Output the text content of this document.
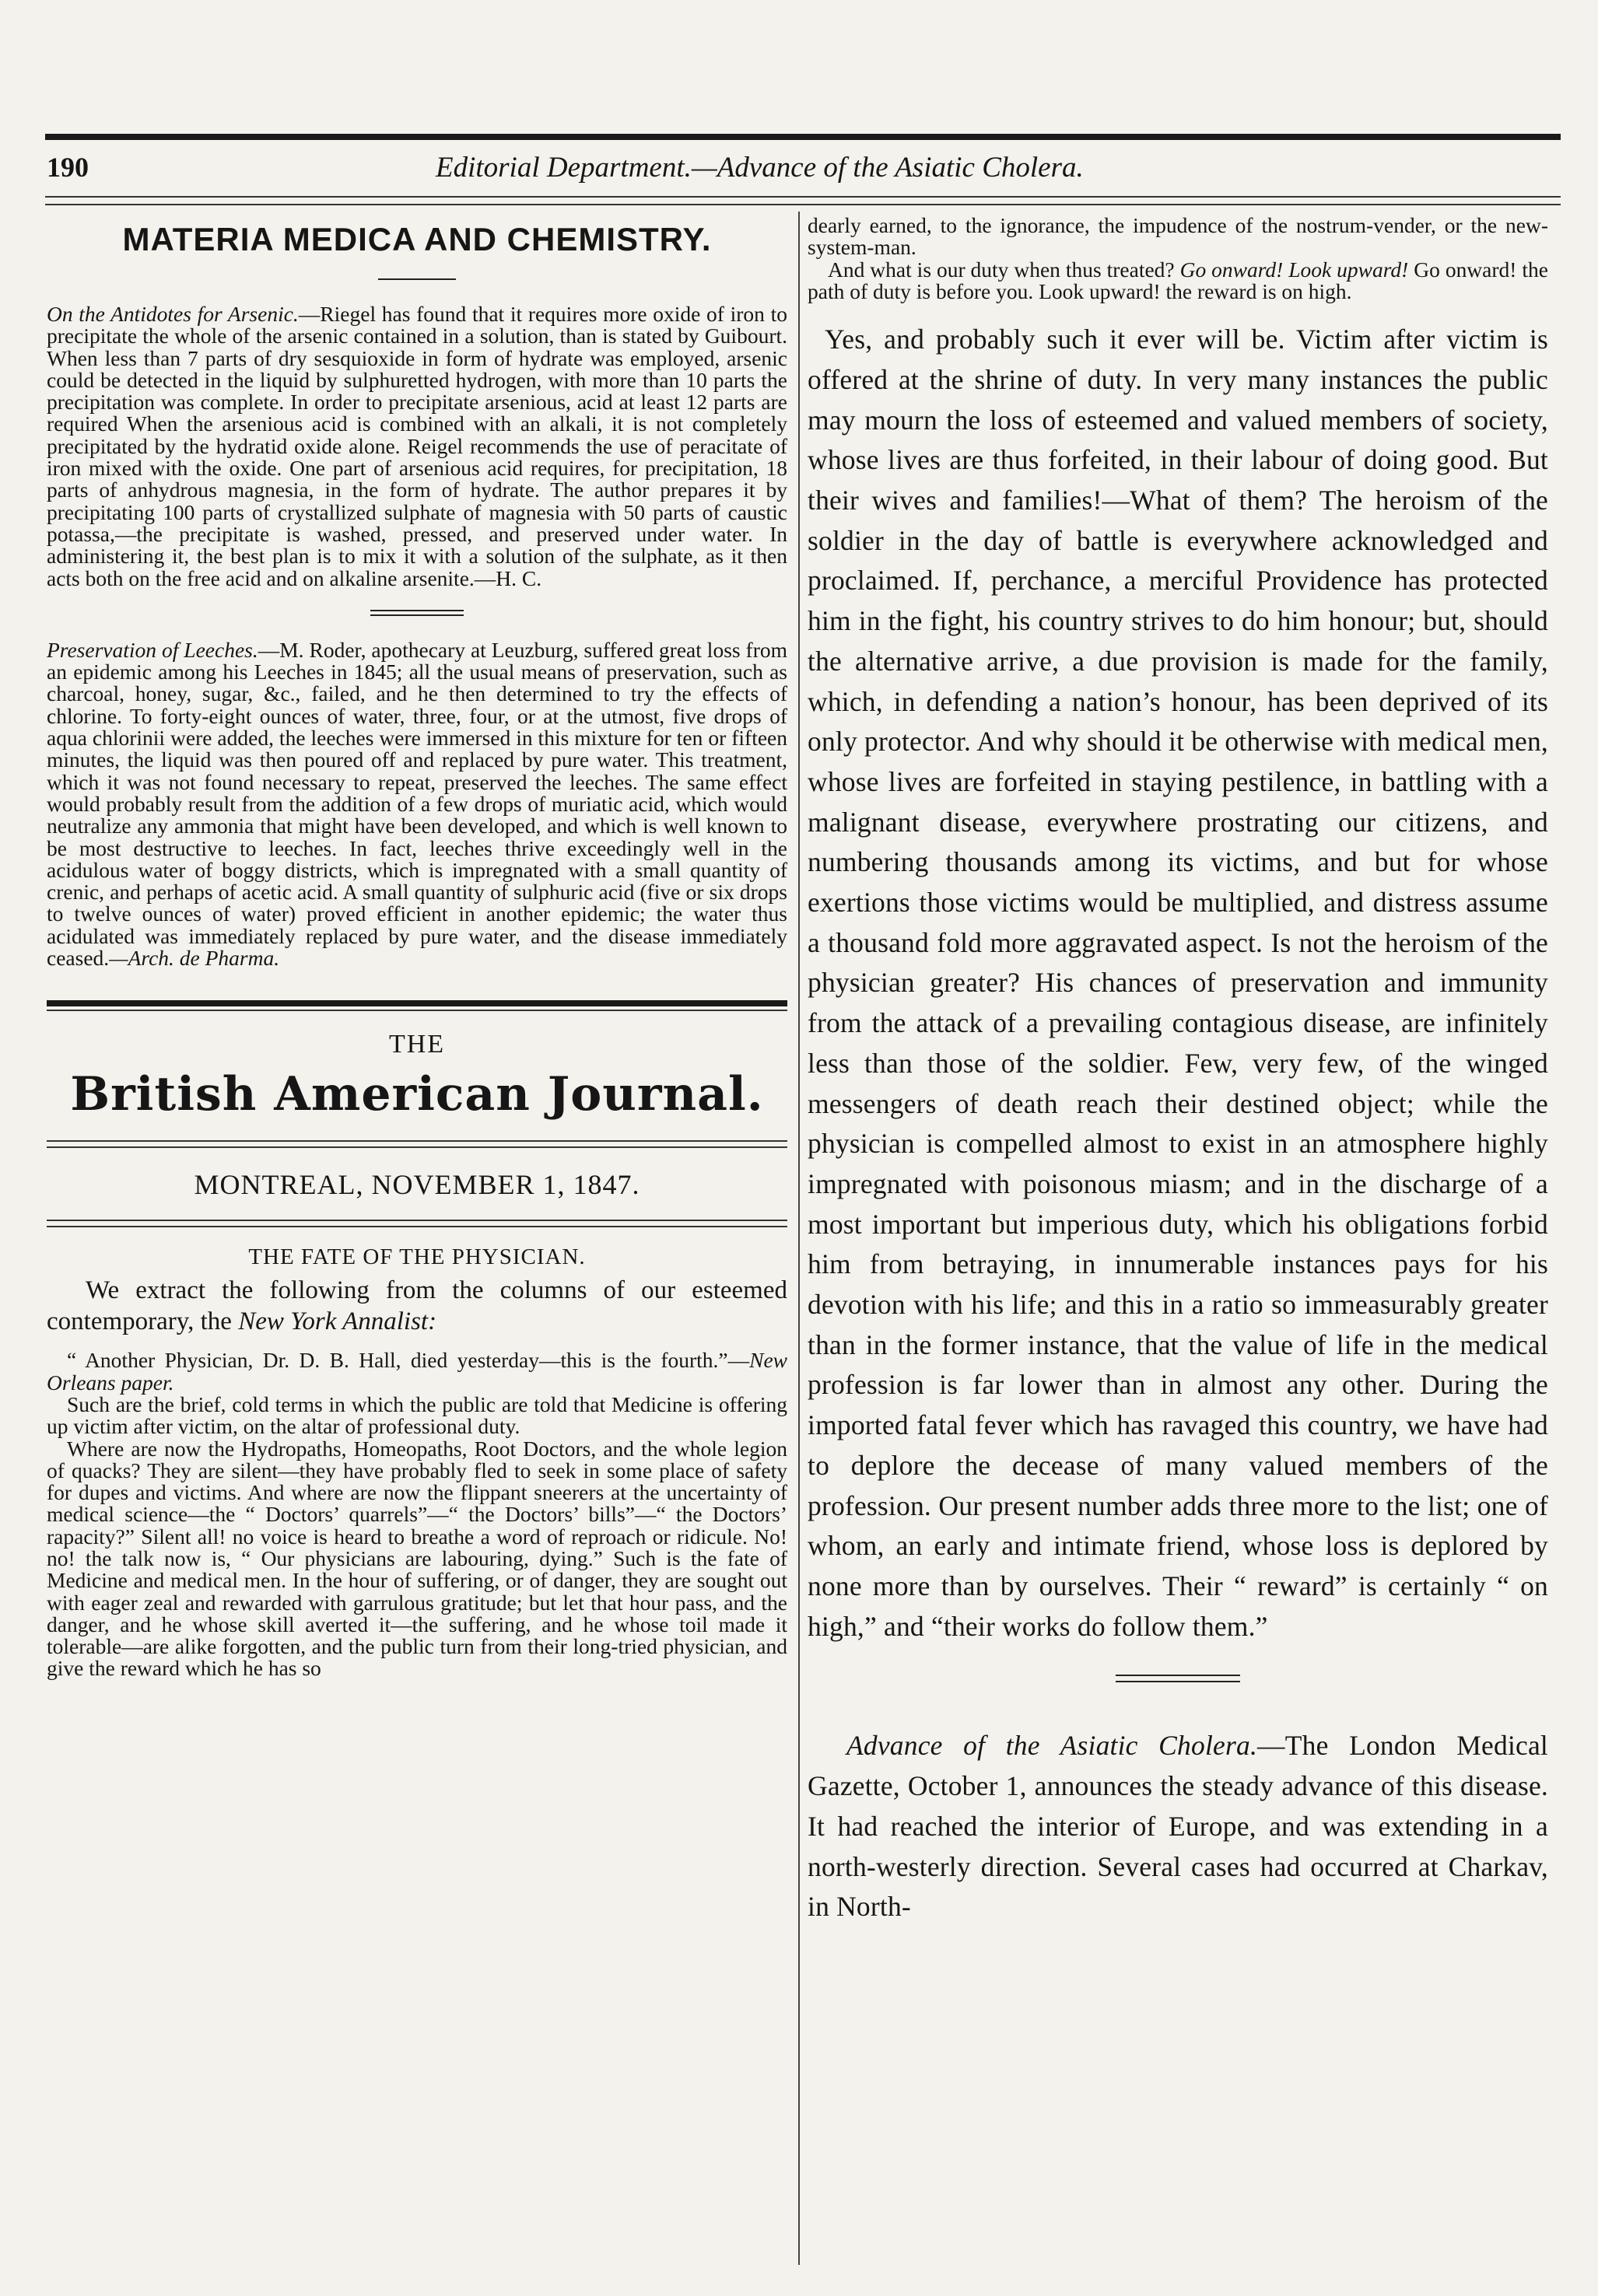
190	Editorial Department.—Advance of the Asiatic Cholera.
MATERIA MEDICA AND CHEMISTRY.
On the Antidotes for Arsenic.—Riegel has found that it requires more oxide of iron to precipitate the whole of the arsenic contained in a solution, than is stated by Guibourt. When less than 7 parts of dry sesquioxide in form of hydrate was employed, arsenic could be detected in the liquid by sulphuretted hydrogen, with more than 10 parts the precipitation was complete. In order to precipitate arsenious, acid at least 12 parts are required When the arsenious acid is combined with an alkali, it is not completely precipitated by the hydratid oxide alone. Reigel recommends the use of peracitate of iron mixed with the oxide. One part of arsenious acid requires, for precipitation, 18 parts of anhydrous magnesia, in the form of hydrate. The author prepares it by precipitating 100 parts of crystallized sulphate of magnesia with 50 parts of caustic potassa,—the precipitate is washed, pressed, and preserved under water. In administering it, the best plan is to mix it with a solution of the sulphate, as it then acts both on the free acid and on alkaline arsenite.—H. C.
Preservation of Leeches.—M. Roder, apothecary at Leuzburg, suffered great loss from an epidemic among his Leeches in 1845; all the usual means of preservation, such as charcoal, honey, sugar, &c., failed, and he then determined to try the effects of chlorine. To forty-eight ounces of water, three, four, or at the utmost, five drops of aqua chlorinii were added, the leeches were immersed in this mixture for ten or fifteen minutes, the liquid was then poured off and replaced by pure water. This treatment, which it was not found necessary to repeat, preserved the leeches. The same effect would probably result from the addition of a few drops of muriatic acid, which would neutralize any ammonia that might have been developed, and which is well known to be most destructive to leeches. In fact, leeches thrive exceedingly well in the acidulous water of boggy districts, which is impregnated with a small quantity of crenic, and perhaps of acetic acid. A small quantity of sulphuric acid (five or six drops to twelve ounces of water) proved efficient in another epidemic; the water thus acidulated was immediately replaced by pure water, and the disease immediately ceased.—Arch. de Pharma.
THE
British American Journal.
MONTREAL, NOVEMBER 1, 1847.
THE FATE OF THE PHYSICIAN.
We extract the following from the columns of our esteemed contemporary, the New York Annalist:
“ Another Physician, Dr. D. B. Hall, died yesterday—this is the fourth.”—New Orleans paper.

Such are the brief, cold terms in which the public are told that Medicine is offering up victim after victim, on the altar of professional duty.

Where are now the Hydropaths, Homeopaths, Root Doctors, and the whole legion of quacks? They are silent—they have probably fled to seek in some place of safety for dupes and victims. And where are now the flippant sneerers at the uncertainty of medical science—the “ Doctors’ quarrels”—“ the Doctors’ bills”—“ the Doctors’ rapacity?” Silent all! no voice is heard to breathe a word of reproach or ridicule. No! no! the talk now is, “ Our physicians are labouring, dying.” Such is the fate of Medicine and medical men. In the hour of suffering, or of danger, they are sought out with eager zeal and rewarded with garrulous gratitude; but let that hour pass, and the danger, and he whose skill averted it—the suffering, and he whose toil made it tolerable—are alike forgotten, and the public turn from their long-tried physician, and give the reward which he has so

dearly earned, to the ignorance, the impudence of the nostrum-vender, or the new-system-man.

And what is our duty when thus treated? Go onward! Look upward! Go onward! the path of duty is before you. Look upward! the reward is on high.

Yes, and probably such it ever will be. Victim after victim is offered at the shrine of duty. In very many instances the public may mourn the loss of esteemed and valued members of society, whose lives are thus forfeited, in their labour of doing good. But their wives and families!—What of them? The heroism of the soldier in the day of battle is everywhere acknowledged and proclaimed. If, perchance, a merciful Providence has protected him in the fight, his country strives to do him honour; but, should the alternative arrive, a due provision is made for the family, which, in defending a nation’s honour, has been deprived of its only protector. And why should it be otherwise with medical men, whose lives are forfeited in staying pestilence, in battling with a malignant disease, everywhere prostrating our citizens, and numbering thousands among its victims, and but for whose exertions those victims would be multiplied, and distress assume a thousand fold more aggravated aspect. Is not the heroism of the physician greater? His chances of preservation and immunity from the attack of a prevailing contagious disease, are infinitely less than those of the soldier. Few, very few, of the winged messengers of death reach their destined object; while the physician is compelled almost to exist in an atmosphere highly impregnated with poisonous miasm; and in the discharge of a most important but imperious duty, which his obligations forbid him from betraying, in innumerable instances pays for his devotion with his life; and this in a ratio so immeasurably greater than in the former instance, that the value of life in the medical profession is far lower than in almost any other. During the imported fatal fever which has ravaged this country, we have had to deplore the decease of many valued members of the profession. Our present number adds three more to the list; one of whom, an early and intimate friend, whose loss is deplored by none more than by ourselves. Their “ reward” is certainly “ on high,” and “their works do follow them.”

Advance of the Asiatic Cholera.—The London Medical Gazette, October 1, announces the steady advance of this disease. It had reached the interior of Europe, and was extending in a north-westerly direction. Several cases had occurred at Charkav, in North-
